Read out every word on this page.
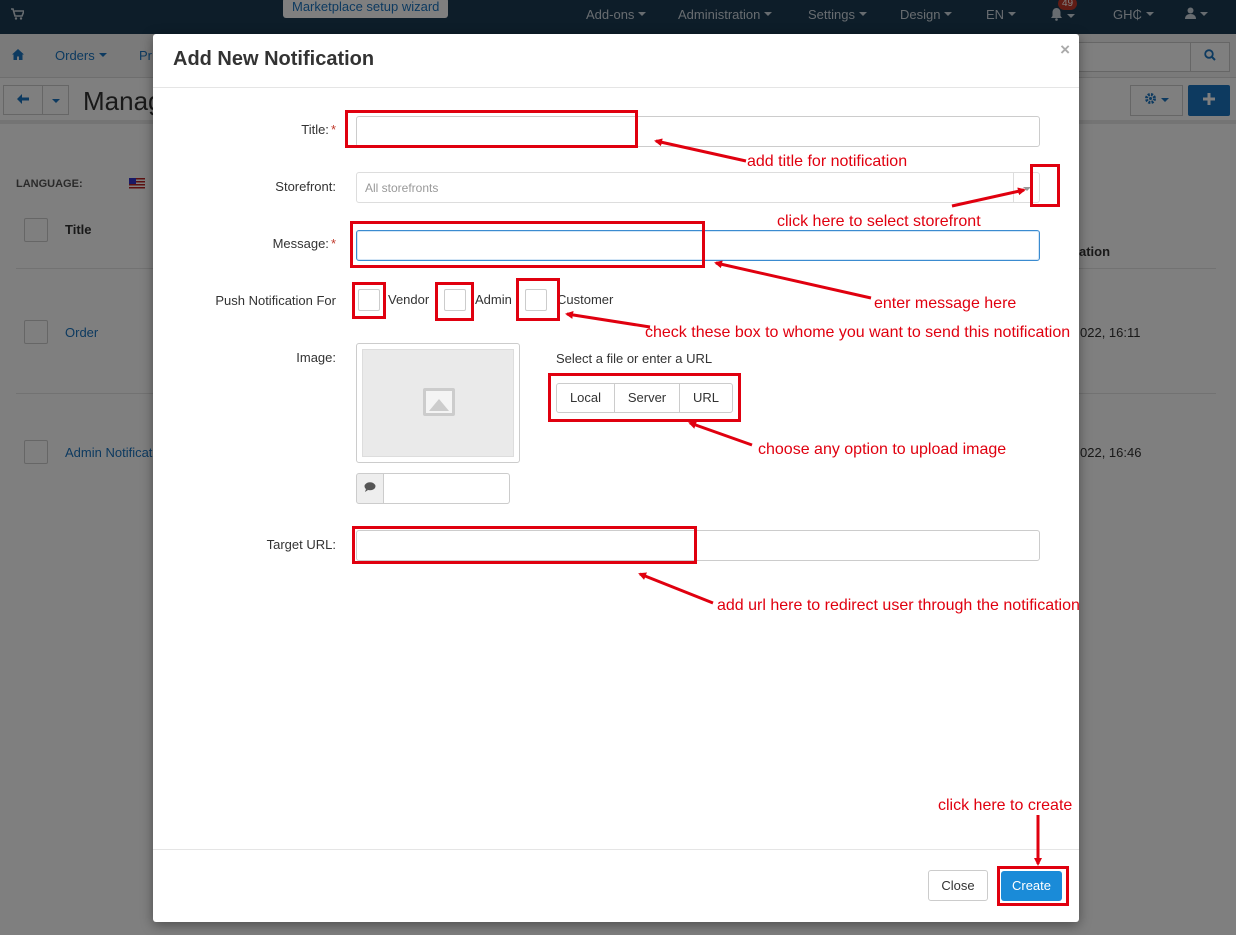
Add New Notification	×
Title: *
Storefront: All storefronts
Message: *
Push Notification For	Vendor	Admin	Customer
Image:	Select a file or enter a URL
Local	Server	URL
Target URL:
Close	Create
add title for notification
click here to select storefront
enter message here
check these box to whome you want to send this notification
choose any option to upload image
add url here to redirect user through the notification
click here to create
